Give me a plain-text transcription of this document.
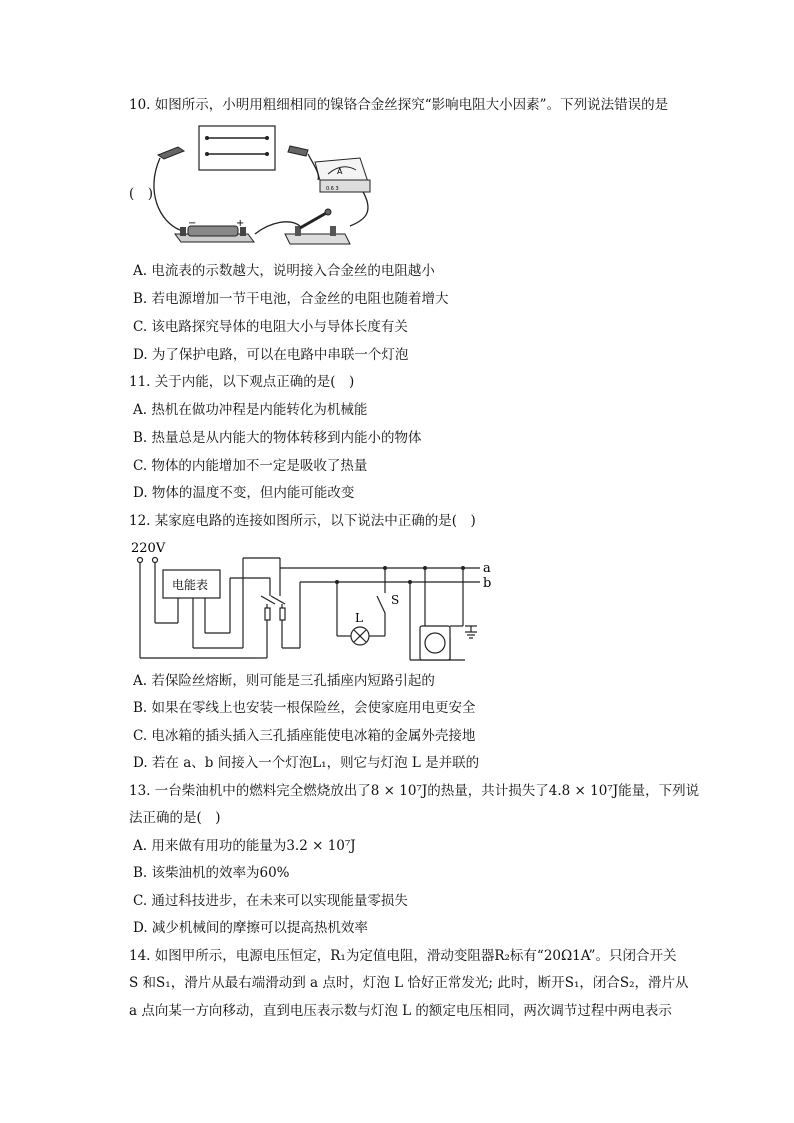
10. 如图所示，小明用粗细相同的镍铬合金丝探究“影响电阻大小因素”。下列说法错误的是
A
0.6 3
−	+
(　)
A. 电流表的示数越大，说明接入合金丝的电阻越小
B. 若电源增加一节干电池，合金丝的电阻也随着增大
C. 该电路探究导体的电阻大小与导体长度有关
D. 为了保护电路，可以在电路中串联一个灯泡
11. 关于内能，以下观点正确的是(　)
A. 热机在做功冲程是内能转化为机械能
B. 热量总是从内能大的物体转移到内能小的物体
C. 物体的内能增加不一定是吸收了热量
D. 物体的温度不变，但内能可能改变
12. 某家庭电路的连接如图所示，以下说法中正确的是(　)
220V
电能表
L
S
a
b
A. 若保险丝熔断，则可能是三孔插座内短路引起的
B. 如果在零线上也安装一根保险丝，会使家庭用电更安全
C. 电冰箱的插头插入三孔插座能使电冰箱的金属外壳接地
D. 若在 a、b 间接入一个灯泡L₁，则它与灯泡 L 是并联的
13. 一台柴油机中的燃料完全燃烧放出了8 × 10⁷J的热量，共计损失了4.8 × 10⁷J能量，下列说
法正确的是(　)
A. 用来做有用功的能量为3.2 × 10⁷J
B. 该柴油机的效率为60%
C. 通过科技进步，在未来可以实现能量零损失
D. 减少机械间的摩擦可以提高热机效率
14. 如图甲所示，电源电压恒定，R₁为定值电阻，滑动变阻器R₂标有“20Ω1A”。只闭合开关
S 和S₁，滑片从最右端滑动到 a 点时，灯泡 L 恰好正常发光; 此时，断开S₁，闭合S₂，滑片从
a 点向某一方向移动，直到电压表示数与灯泡 L 的额定电压相同，两次调节过程中两电表示
